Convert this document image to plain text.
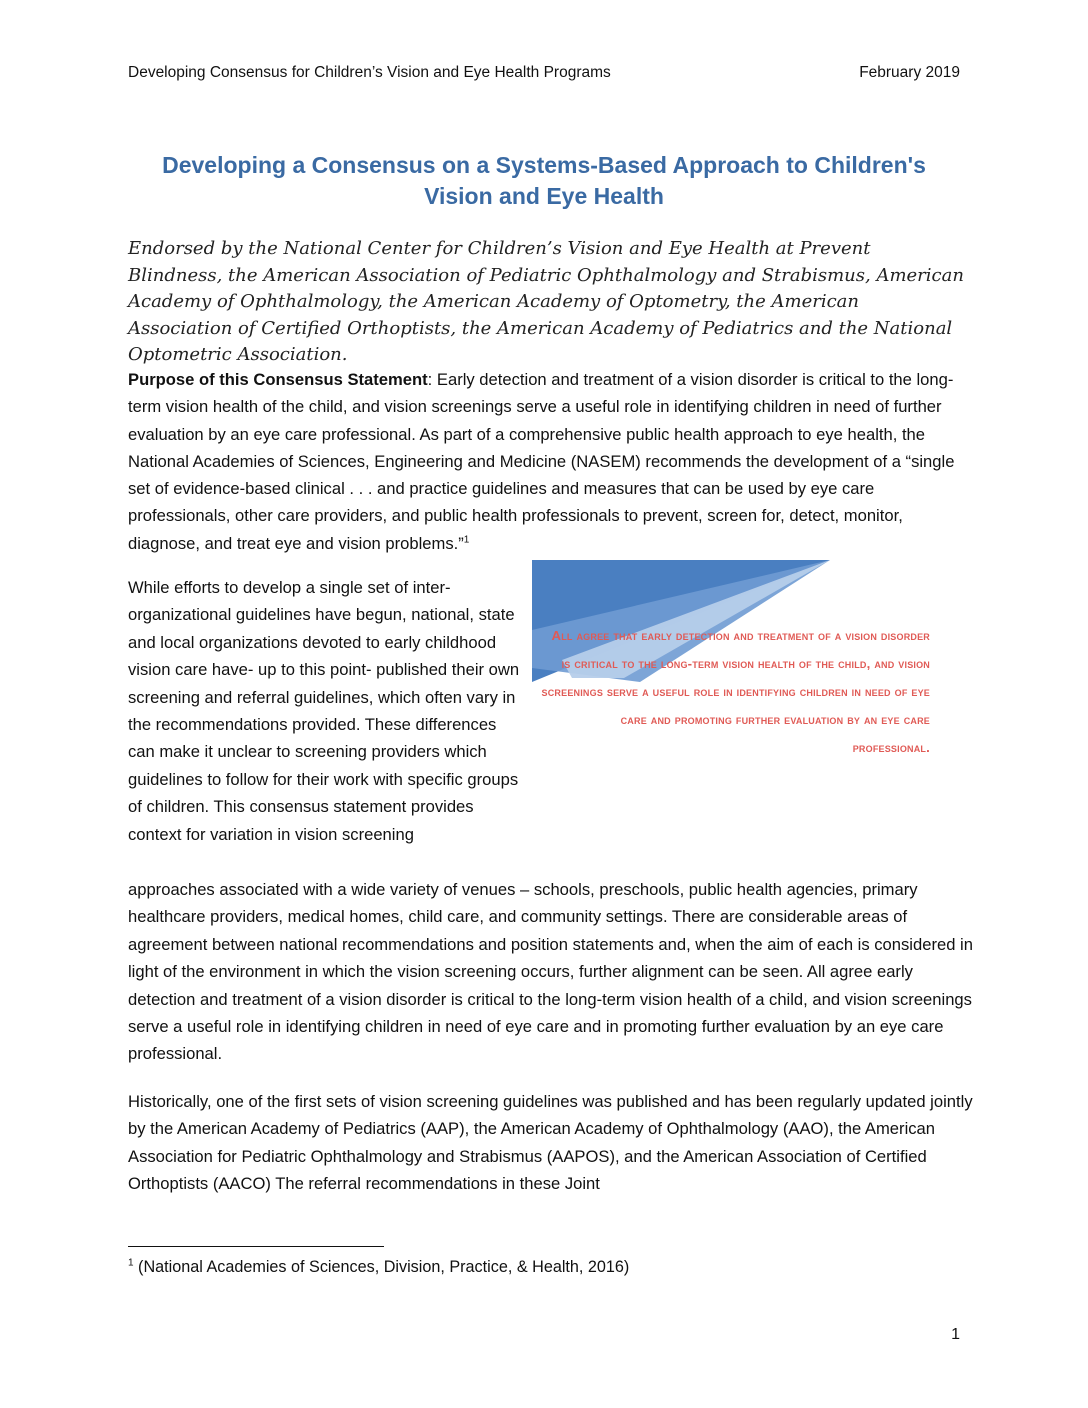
Developing Consensus for Children’s Vision and Eye Health Programs	February 2019
Developing a Consensus on a Systems-Based Approach to Children's Vision and Eye Health
Endorsed by the National Center for Children’s Vision and Eye Health at Prevent Blindness, the American Association of Pediatric Ophthalmology and Strabismus, American Academy of Ophthalmology, the American Academy of Optometry, the American Association of Certified Orthoptists, the American Academy of Pediatrics and the National Optometric Association.
Purpose of this Consensus Statement: Early detection and treatment of a vision disorder is critical to the long-term vision health of the child, and vision screenings serve a useful role in identifying children in need of further evaluation by an eye care professional. As part of a comprehensive public health approach to eye health, the National Academies of Sciences, Engineering and Medicine (NASEM) recommends the development of a “single set of evidence-based clinical . . . and practice guidelines and measures that can be used by eye care professionals, other care providers, and public health professionals to prevent, screen for, detect, monitor, diagnose, and treat eye and vision problems.”$^1$
While efforts to develop a single set of inter-organizational guidelines have begun, national, state and local organizations devoted to early childhood vision care have- up to this point- published their own screening and referral guidelines, which often vary in the recommendations provided. These differences can make it unclear to screening providers which guidelines to follow for their work with specific groups of children. This consensus statement provides context for variation in vision screening
All agree that early detection and treatment of a vision disorder is critical to the long-term vision health of the child, and vision screenings serve a useful role in identifying children in need of eye care and promoting further evaluation by an eye care professional.
approaches associated with a wide variety of venues – schools, preschools, public health agencies, primary healthcare providers, medical homes, child care, and community settings. There are considerable areas of agreement between national recommendations and position statements and, when the aim of each is considered in light of the environment in which the vision screening occurs, further alignment can be seen. All agree early detection and treatment of a vision disorder is critical to the long-term vision health of a child, and vision screenings serve a useful role in identifying children in need of eye care and in promoting further evaluation by an eye care professional.
Historically, one of the first sets of vision screening guidelines was published and has been regularly updated jointly by the American Academy of Pediatrics (AAP), the American Academy of Ophthalmology (AAO), the American Association for Pediatric Ophthalmology and Strabismus (AAPOS), and the American Association of Certified Orthoptists (AACO) The referral recommendations in these Joint
$^1$ (National Academies of Sciences, Division, Practice, & Health, 2016)
1
